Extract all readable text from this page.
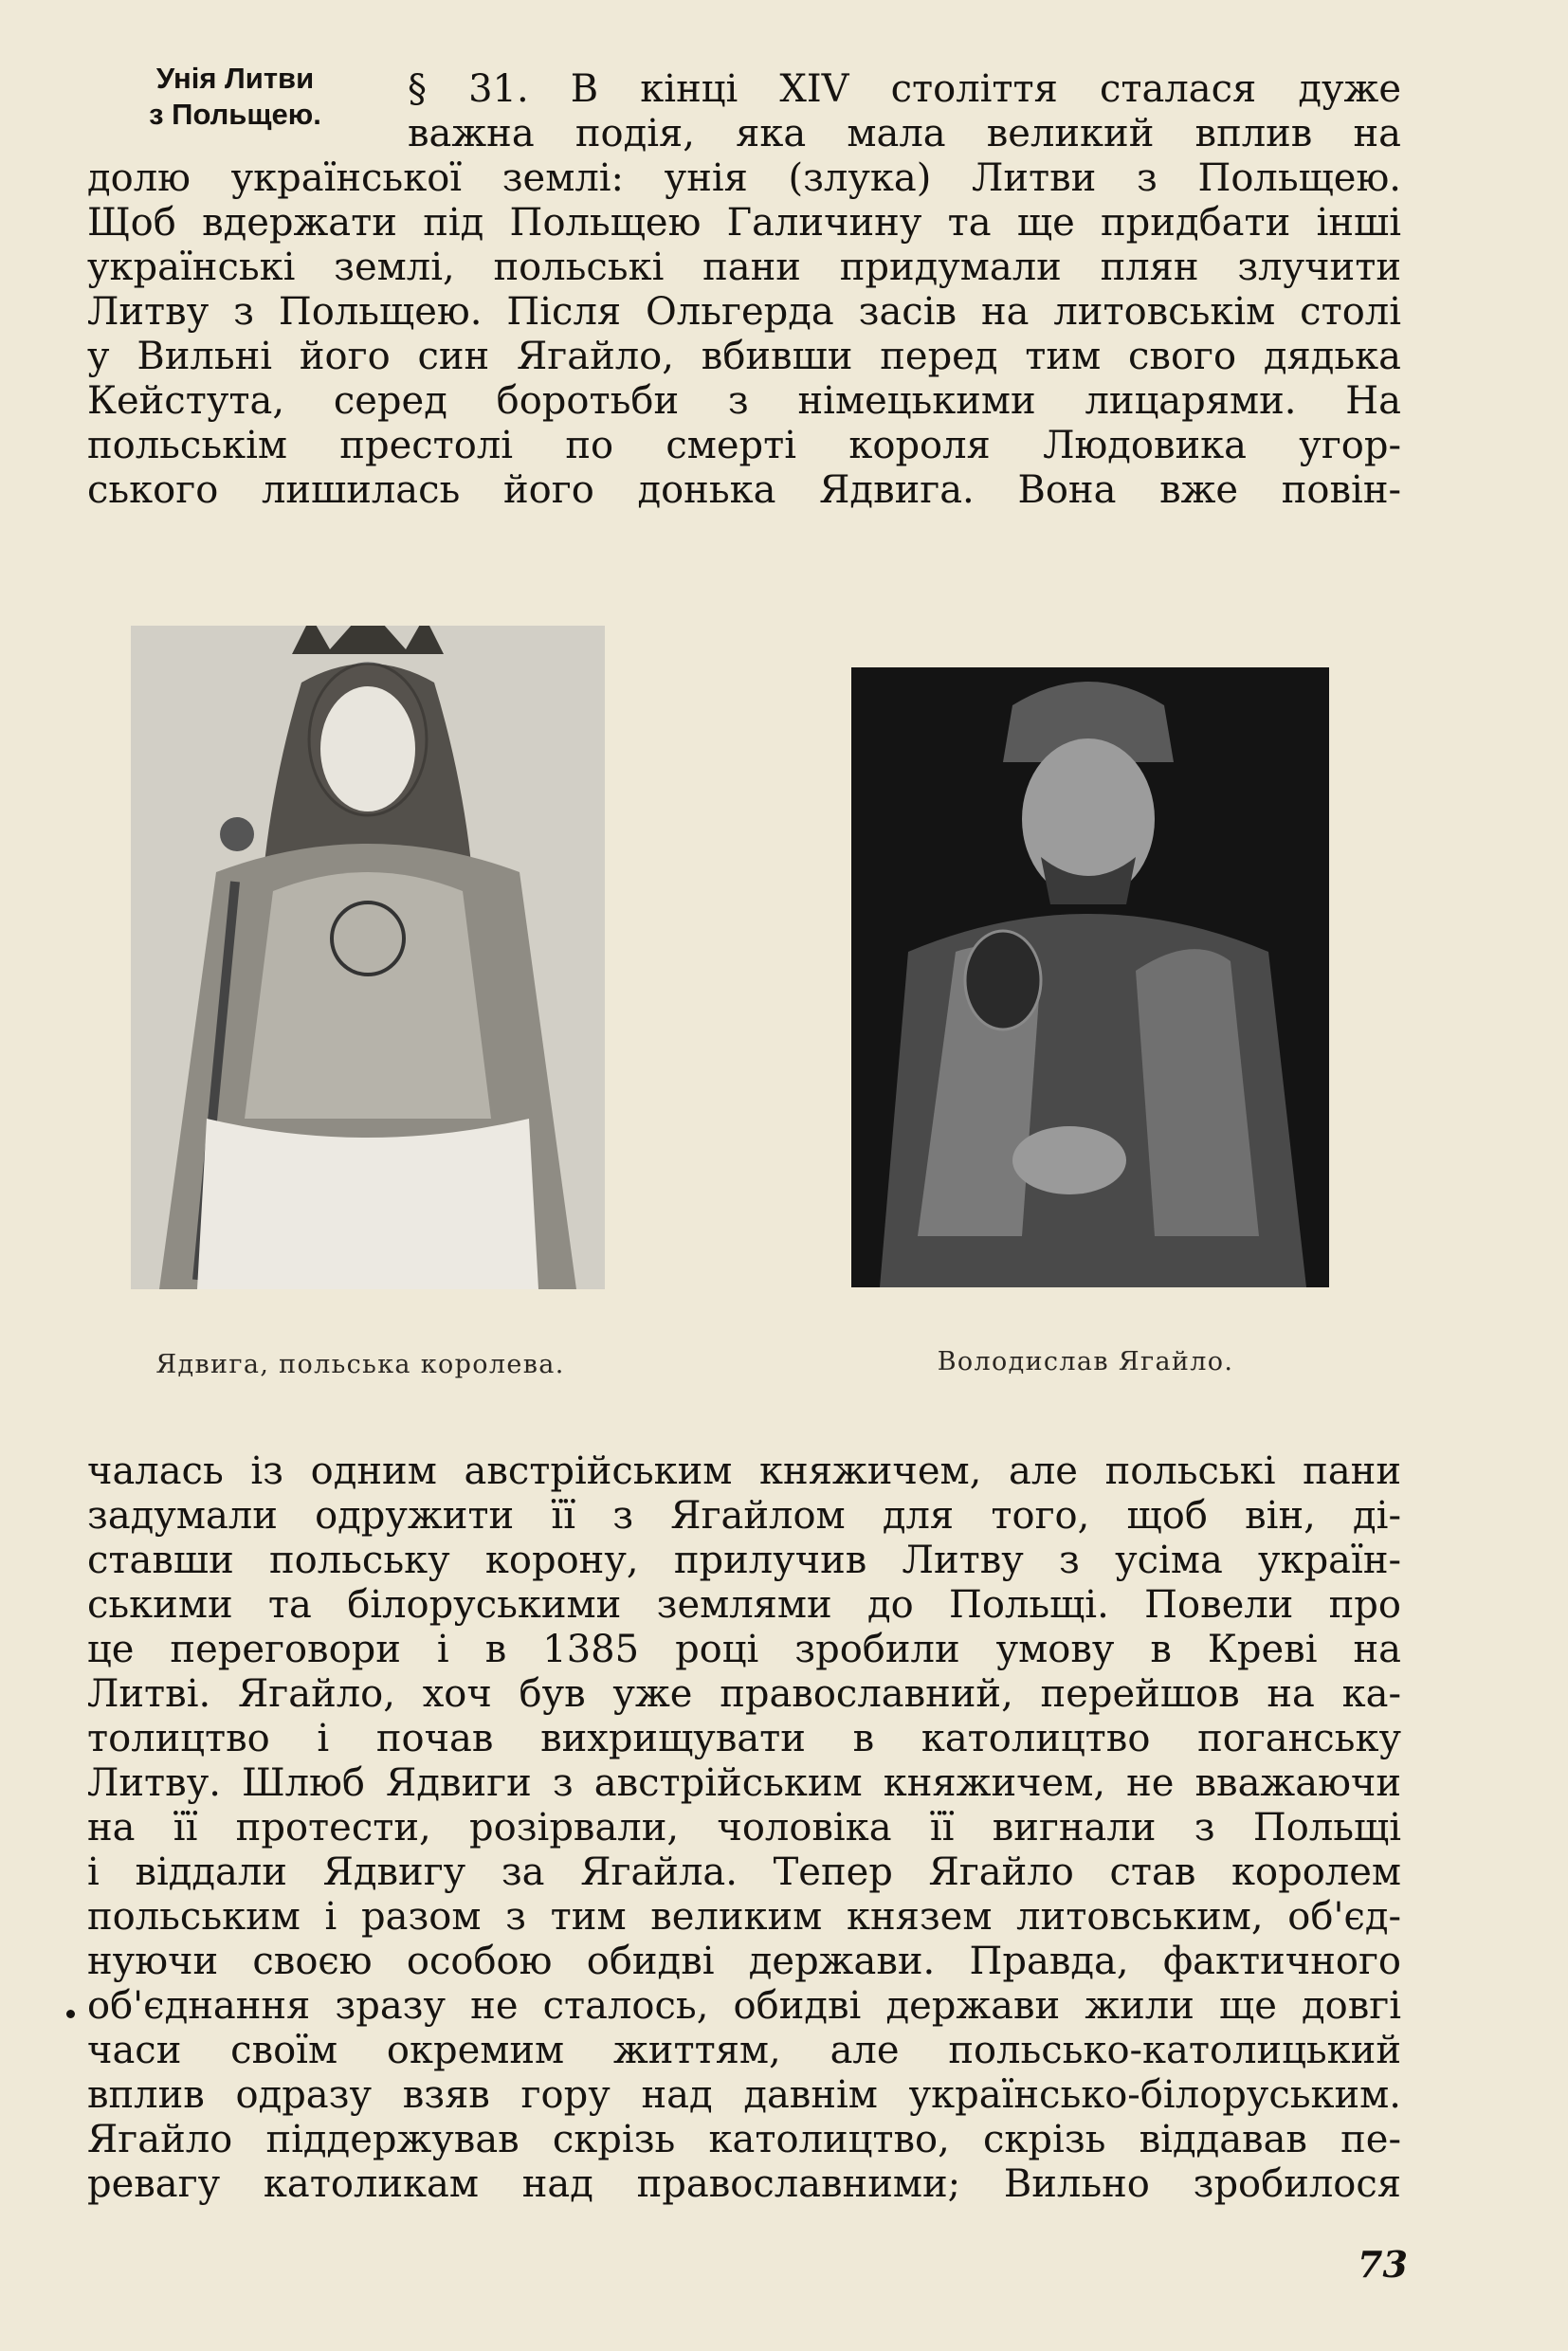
Унія Литви
з Польщею.
§ 31. В кінці XIV століття сталася дуже
важна подія, яка мала великий вплив на
долю української землі: унія (злука) Литви з Польщею.
Щоб вдержати під Польщею Галичину та ще придбати інші
українські землі, польські пани придумали плян злучити
Литву з Польщею. Після Ольгерда засів на литовськім столі
у Вильні його син Ягайло, вбивши перед тим свого дядька
Кейстута, серед боротьби з німецькими лицарями. На
польськім престолі по смерті короля Людовика угор-
ського лишилась його донька Ядвига. Вона вже повін-
Ядвига, польська королева.	Володислав Ягайло.
чалась із одним австрійським княжичем, але польські пани
задумали одружити її з Ягайлом для того, щоб він, ді-
ставши польську корону, прилучив Литву з усіма україн-
ськими та білоруськими землями до Польщі. Повели про
це переговори і в 1385 році зробили умову в Креві на
Литві. Ягайло, хоч був уже православний, перейшов на ка-
толицтво і почав вихрищувати в католицтво поганську
Литву. Шлюб Ядвиги з австрійським княжичем, не вважаючи
на її протести, розірвали, чоловіка її вигнали з Польщі
і віддали Ядвигу за Ягайла. Тепер Ягайло став королем
польським і разом з тим великим князем литовським, об'єд-
нуючи своєю особою обидві держави. Правда, фактичного
об'єднання зразу не сталось, обидві держави жили ще довгі
часи своїм окремим життям, але польсько-католицький
вплив одразу взяв гору над давнім українсько-білоруським.
Ягайло піддержував скрізь католицтво, скрізь віддавав пе-
ревагу католикам над православними; Вильно зробилося
73
